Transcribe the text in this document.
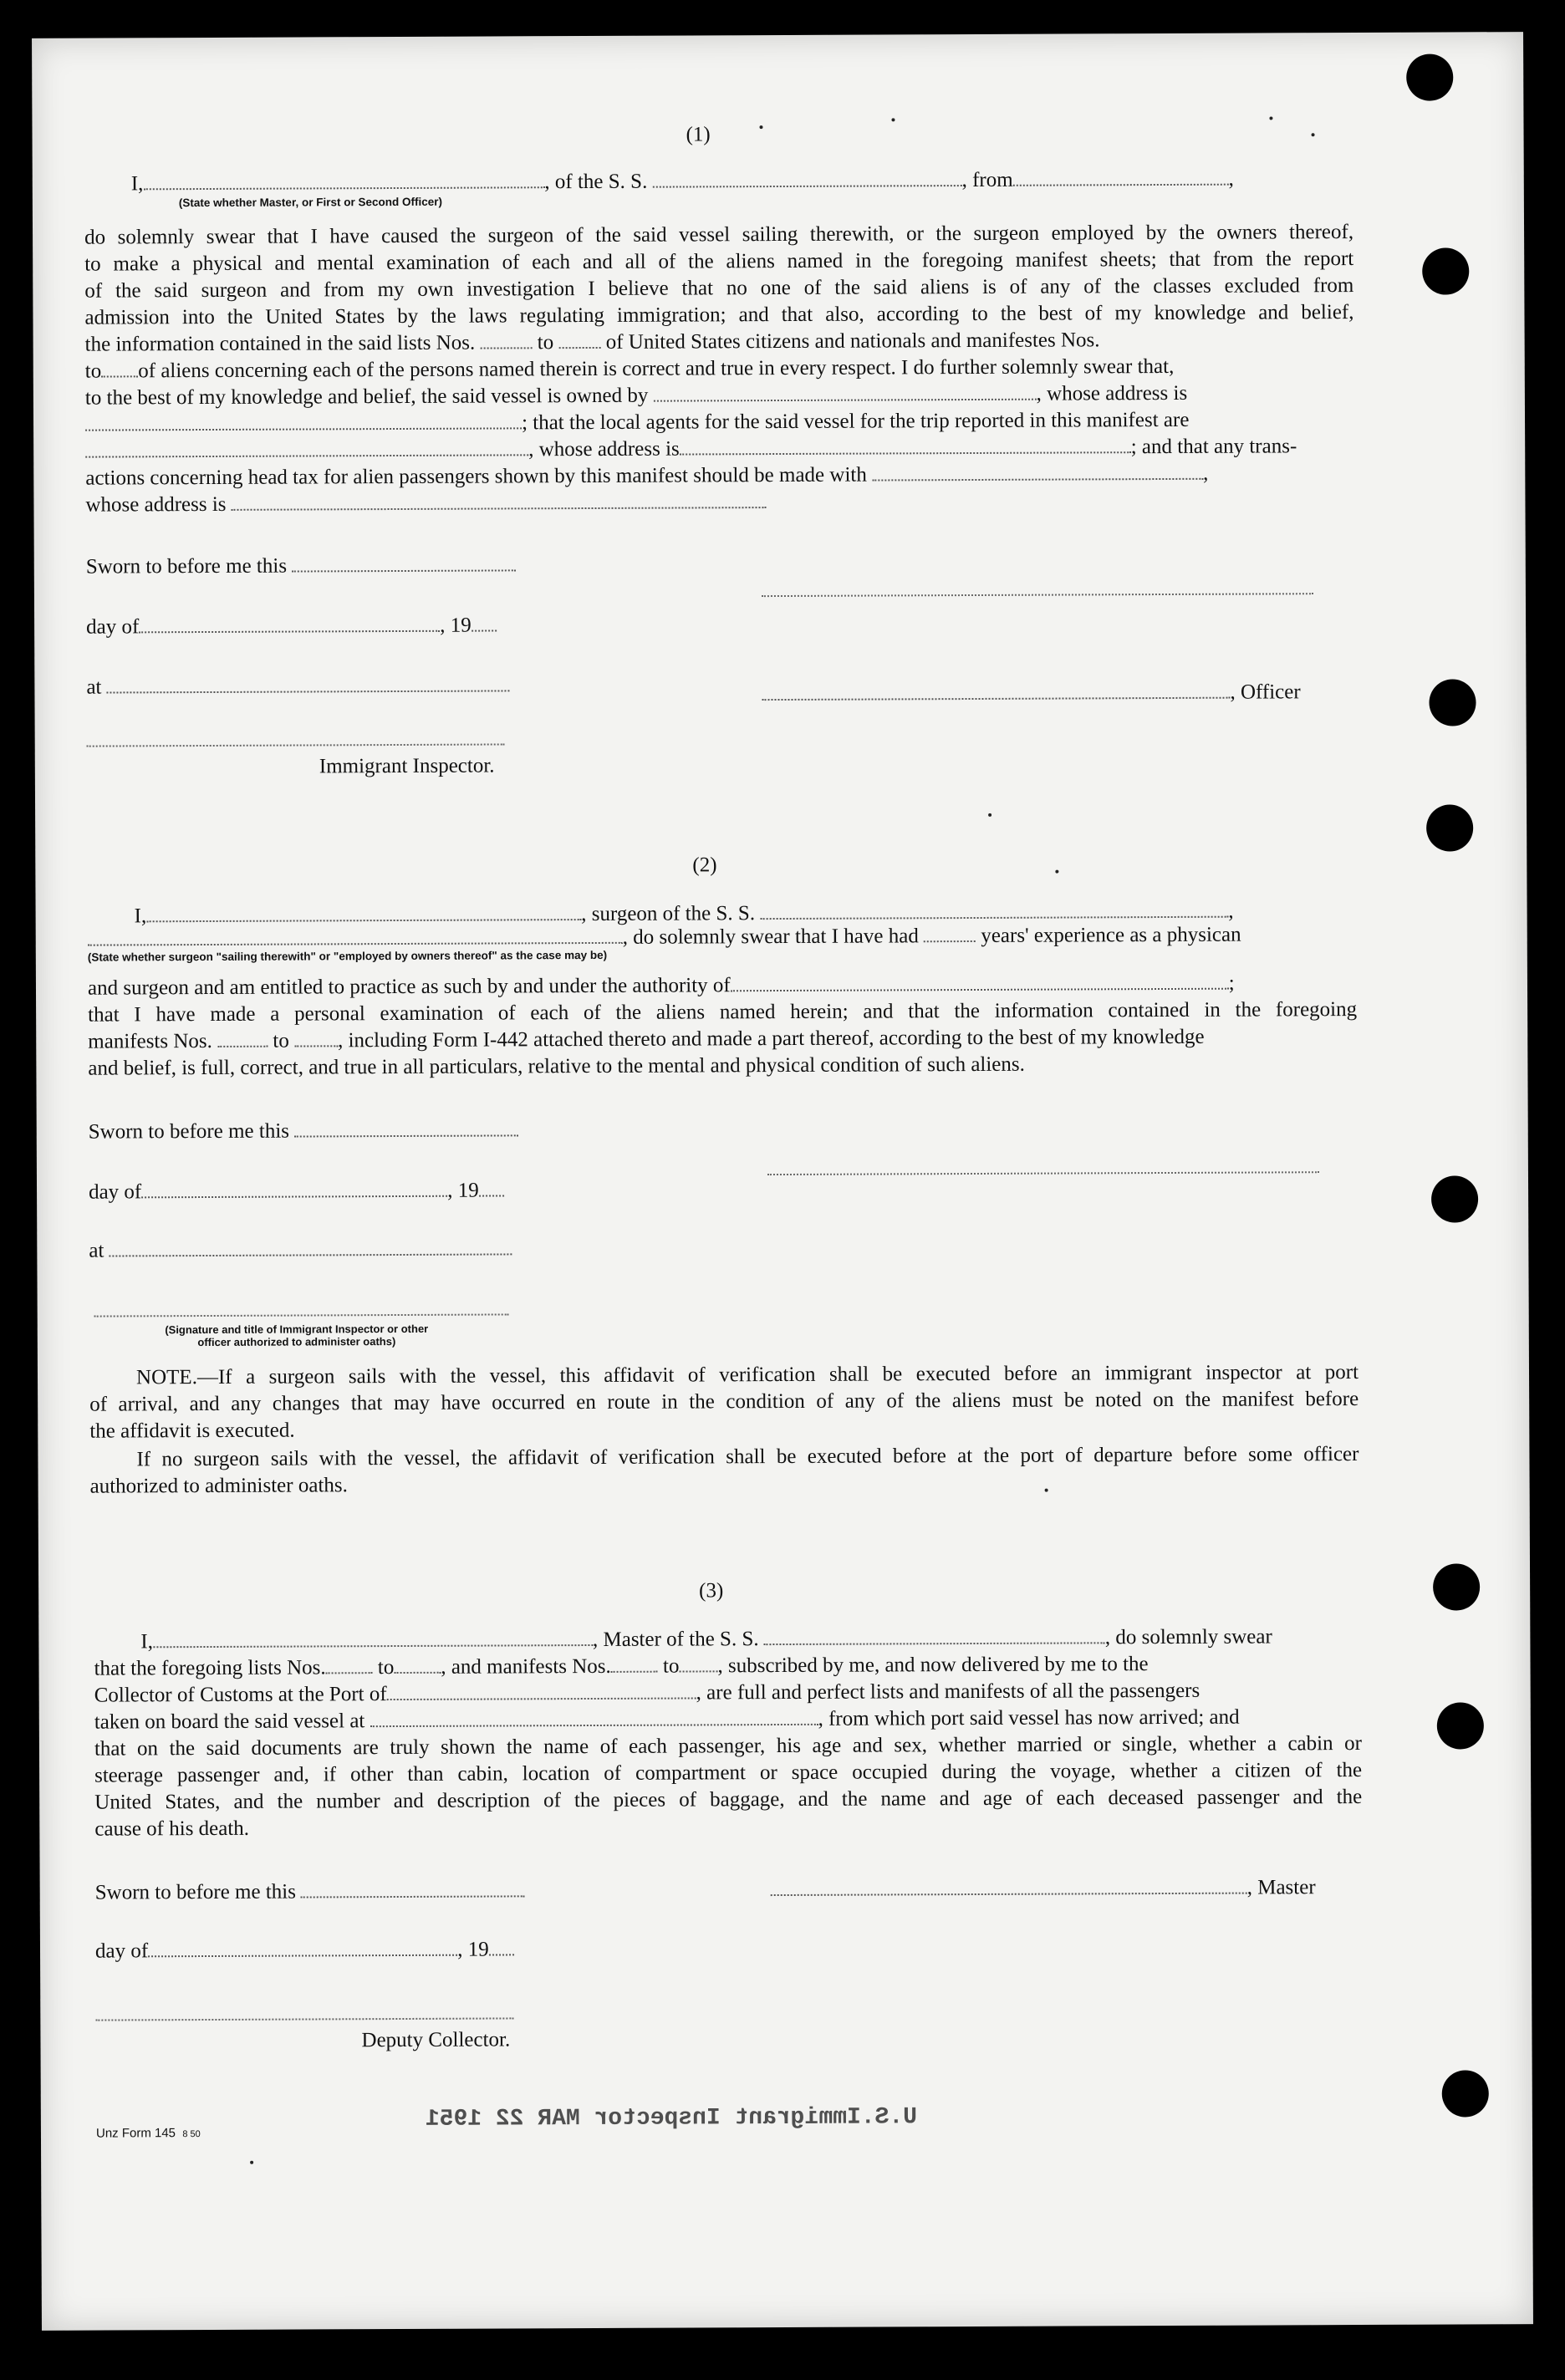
(1)
I,	, of the S. S.	, from	,
(State whether Master, or First or Second Officer)
do solemnly swear that I have caused the surgeon of the said vessel sailing therewith, or the surgeon employed by the owners thereof,
to make a physical and mental examination of each and all of the aliens named in the foregoing manifest sheets; that from the report
of the said surgeon and from my own investigation I believe that no one of the said aliens is of any of the classes excluded from
admission into the United States by the laws regulating immigration; and that also, according to the best of my knowledge and belief,
the information contained in the said lists Nos.	to of United States citizens and nationals and manifestes Nos.
to of aliens concerning each of the persons named therein is correct and true in every respect. I do further solemnly swear that,
to the best of my knowledge and belief, the said vessel is owned by	, whose address is
; that the local agents for the said vessel for the trip reported in this manifest are
, whose address is	; and that any trans-
actions concerning head tax for alien passengers shown by this manifest should be made with	,
whose address is
Sworn to before me this
day of	, 19
at	, Officer
Immigrant Inspector.
(2)
I,	, surgeon of the S. S.	,
, do solemnly swear that I have had	years' experience as a physican
(State whether surgeon "sailing therewith" or "employed by owners thereof" as the case may be)
and surgeon and am entitled to practice as such by and under the authority of	;
that I have made a personal examination of each of the aliens named herein; and that the information contained in the foregoing
manifests Nos.	to , including Form I-442 attached thereto and made a part thereof, according to the best of my knowledge
and belief, is full, correct, and true in all particulars, relative to the mental and physical condition of such aliens.
Sworn to before me this
day of	, 19
at
(Signature and title of Immigrant Inspector or other
officer authorized to administer oaths)
NOTE.—If a surgeon sails with the vessel, this affidavit of verification shall be executed before an immigrant inspector at port
of arrival, and any changes that may have occurred en route in the condition of any of the aliens must be noted on the manifest before
the affidavit is executed.
If no surgeon sails with the vessel, the affidavit of verification shall be executed before at the port of departure before some officer
authorized to administer oaths.
(3)
I,	, Master of the S. S.	, do solemnly swear
that the foregoing lists Nos. to , and manifests Nos. to , subscribed by me, and now delivered by me to the
Collector of Customs at the Port of	, are full and perfect lists and manifests of all the passengers
taken on board the said vessel at	, from which port said vessel has now arrived; and
that on the said documents are truly shown the name of each passenger, his age and sex, whether married or single, whether a cabin or
steerage passenger and, if other than cabin, location of compartment or space occupied during the voyage, whether a citizen of the
United States, and the number and description of the pieces of baggage, and the name and age of each deceased passenger and the
cause of his death.
Sworn to before me this	, Master
day of	, 19
Deputy Collector.
Unz Form 145 8 50
U.S.Immigrant Inspector MAR 22 1951
